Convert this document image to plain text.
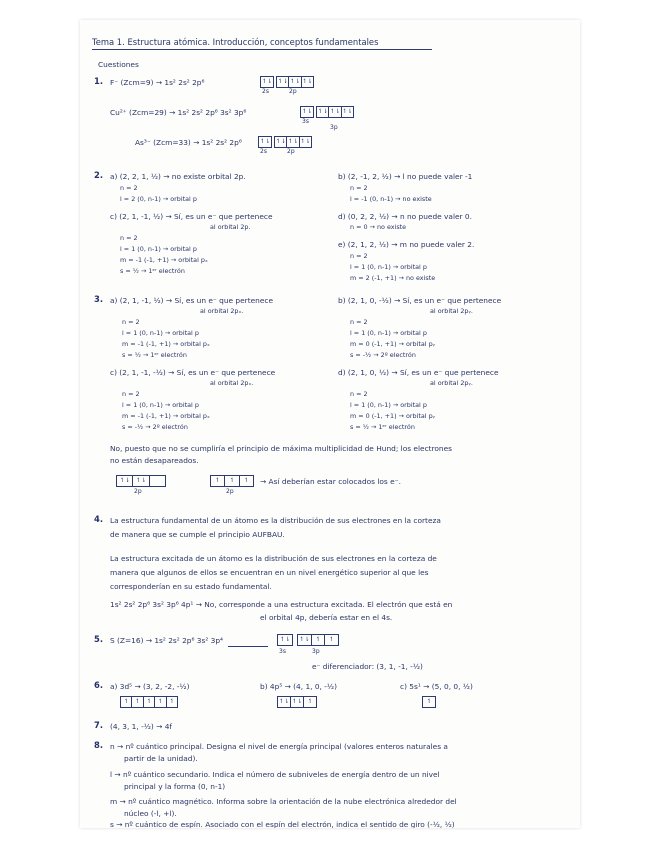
Tema 1. Estructura atómica. Introducción, conceptos fundamentales
Cuestiones
1. F⁻ (Zcm=9) → 1s² 2s² 2p⁶	↿⇂ ↿⇂ ↿⇂ ↿⇂
2s	2p
Cu²⁺ (Zcm=29) → 1s² 2s² 2p⁶ 3s² 3p⁶	↿⇂ ↿⇂ ↿⇂ ↿⇂
3s
3p
As³⁻ (Zcm=33) → 1s² 2s² 2p⁶	↿⇂ ↿⇂ ↿⇂ ↿⇂
2s	2p
2. a) (2, 2, 1, ½) → no existe orbital 2p.
n = 2
l = 2 (0, n-1) → orbital p
b) (2, -1, 2, ½) → l no puede valer -1
n = 2
l = -1 (0, n-1) → no existe
c) (2, 1, -1, ½) → Sí, es un e⁻ que pertenece
al orbital 2p.
n = 2
l = 1 (0, n-1) → orbital p
m = -1 (-1, +1) → orbital pₓ
s = ½ → 1ᵉʳ electrón
d) (0, 2, 2, ½) → n no puede valer 0.
n = 0 → no existe
e) (2, 1, 2, ½) → m no puede valer 2.
n = 2
l = 1 (0, n-1) → orbital p
m = 2 (-1, +1) → no existe
3. a) (2, 1, -1, ½) → Sí, es un e⁻ que pertenece
al orbital 2pₓ.
n = 2
l = 1 (0, n-1) → orbital p
m = -1 (-1, +1) → orbital pₓ
s = ½ → 1ᵉʳ electrón
b) (2, 1, 0, -½) → Sí, es un e⁻ que pertenece
al orbital 2pᵧ.
n = 2
l = 1 (0, n-1) → orbital p
m = 0 (-1, +1) → orbital pᵧ
s = -½ → 2º electrón
c) (2, 1, -1, -½) → Sí, es un e⁻ que pertenece
al orbital 2pₓ.
n = 2
l = 1 (0, n-1) → orbital p
m = -1 (-1, +1) → orbital pₓ
s = -½ → 2º electrón
d) (2, 1, 0, ½) → Sí, es un e⁻ que pertenece
al orbital 2pᵧ.
n = 2
l = 1 (0, n-1) → orbital p
m = 0 (-1, +1) → orbital pᵧ
s = ½ → 1ᵉʳ electrón
No, puesto que no se cumpliría el principio de máxima multiplicidad de Hund; los electrones
no están desapareados.
↿⇂	↿⇂
2p
↿	↿	↿
2p
→ Así deberían estar colocados los e⁻.
4. La estructura fundamental de un átomo es la distribución de sus electrones en la corteza
de manera que se cumple el principio AUFBAU.
La estructura excitada de un átomo es la distribución de sus electrones en la corteza de
manera que algunos de ellos se encuentran en un nivel energético superior al que les
corresponderían en su estado fundamental.
1s² 2s² 2p⁶ 3s² 3p⁶ 4p¹ → No, corresponde a una estructura excitada. El electrón que está en
el orbital 4p, debería estar en el 4s.
5. S (Z=16) → 1s² 2s² 2p⁶ 3s² 3p⁴	↿⇂	↿⇂	↿	↿
3s	3p
e⁻ diferenciador: (3, 1, -1, -½)
6. a) 3d⁵ → (3, 2, -2, -½)	b) 4p⁵ → (4, 1, 0, -½)	c) 5s¹ → (5, 0, 0, ½)
↿	↿	↿	↿	↿	↿⇂ ↿⇂ ↿	↿
7. (4, 3, 1, -½) → 4f
8. n → nº cuántico principal. Designa el nivel de energía principal (valores enteros naturales a
partir de la unidad).
l → nº cuántico secundario. Indica el número de subniveles de energía dentro de un nivel
principal y la forma (0, n-1)
m → nº cuántico magnético. Informa sobre la orientación de la nube electrónica alrededor del
núcleo (-l, +l).
s → nº cuántico de espín. Asociado con el espín del electrón, indica el sentido de giro (-½, ½)
